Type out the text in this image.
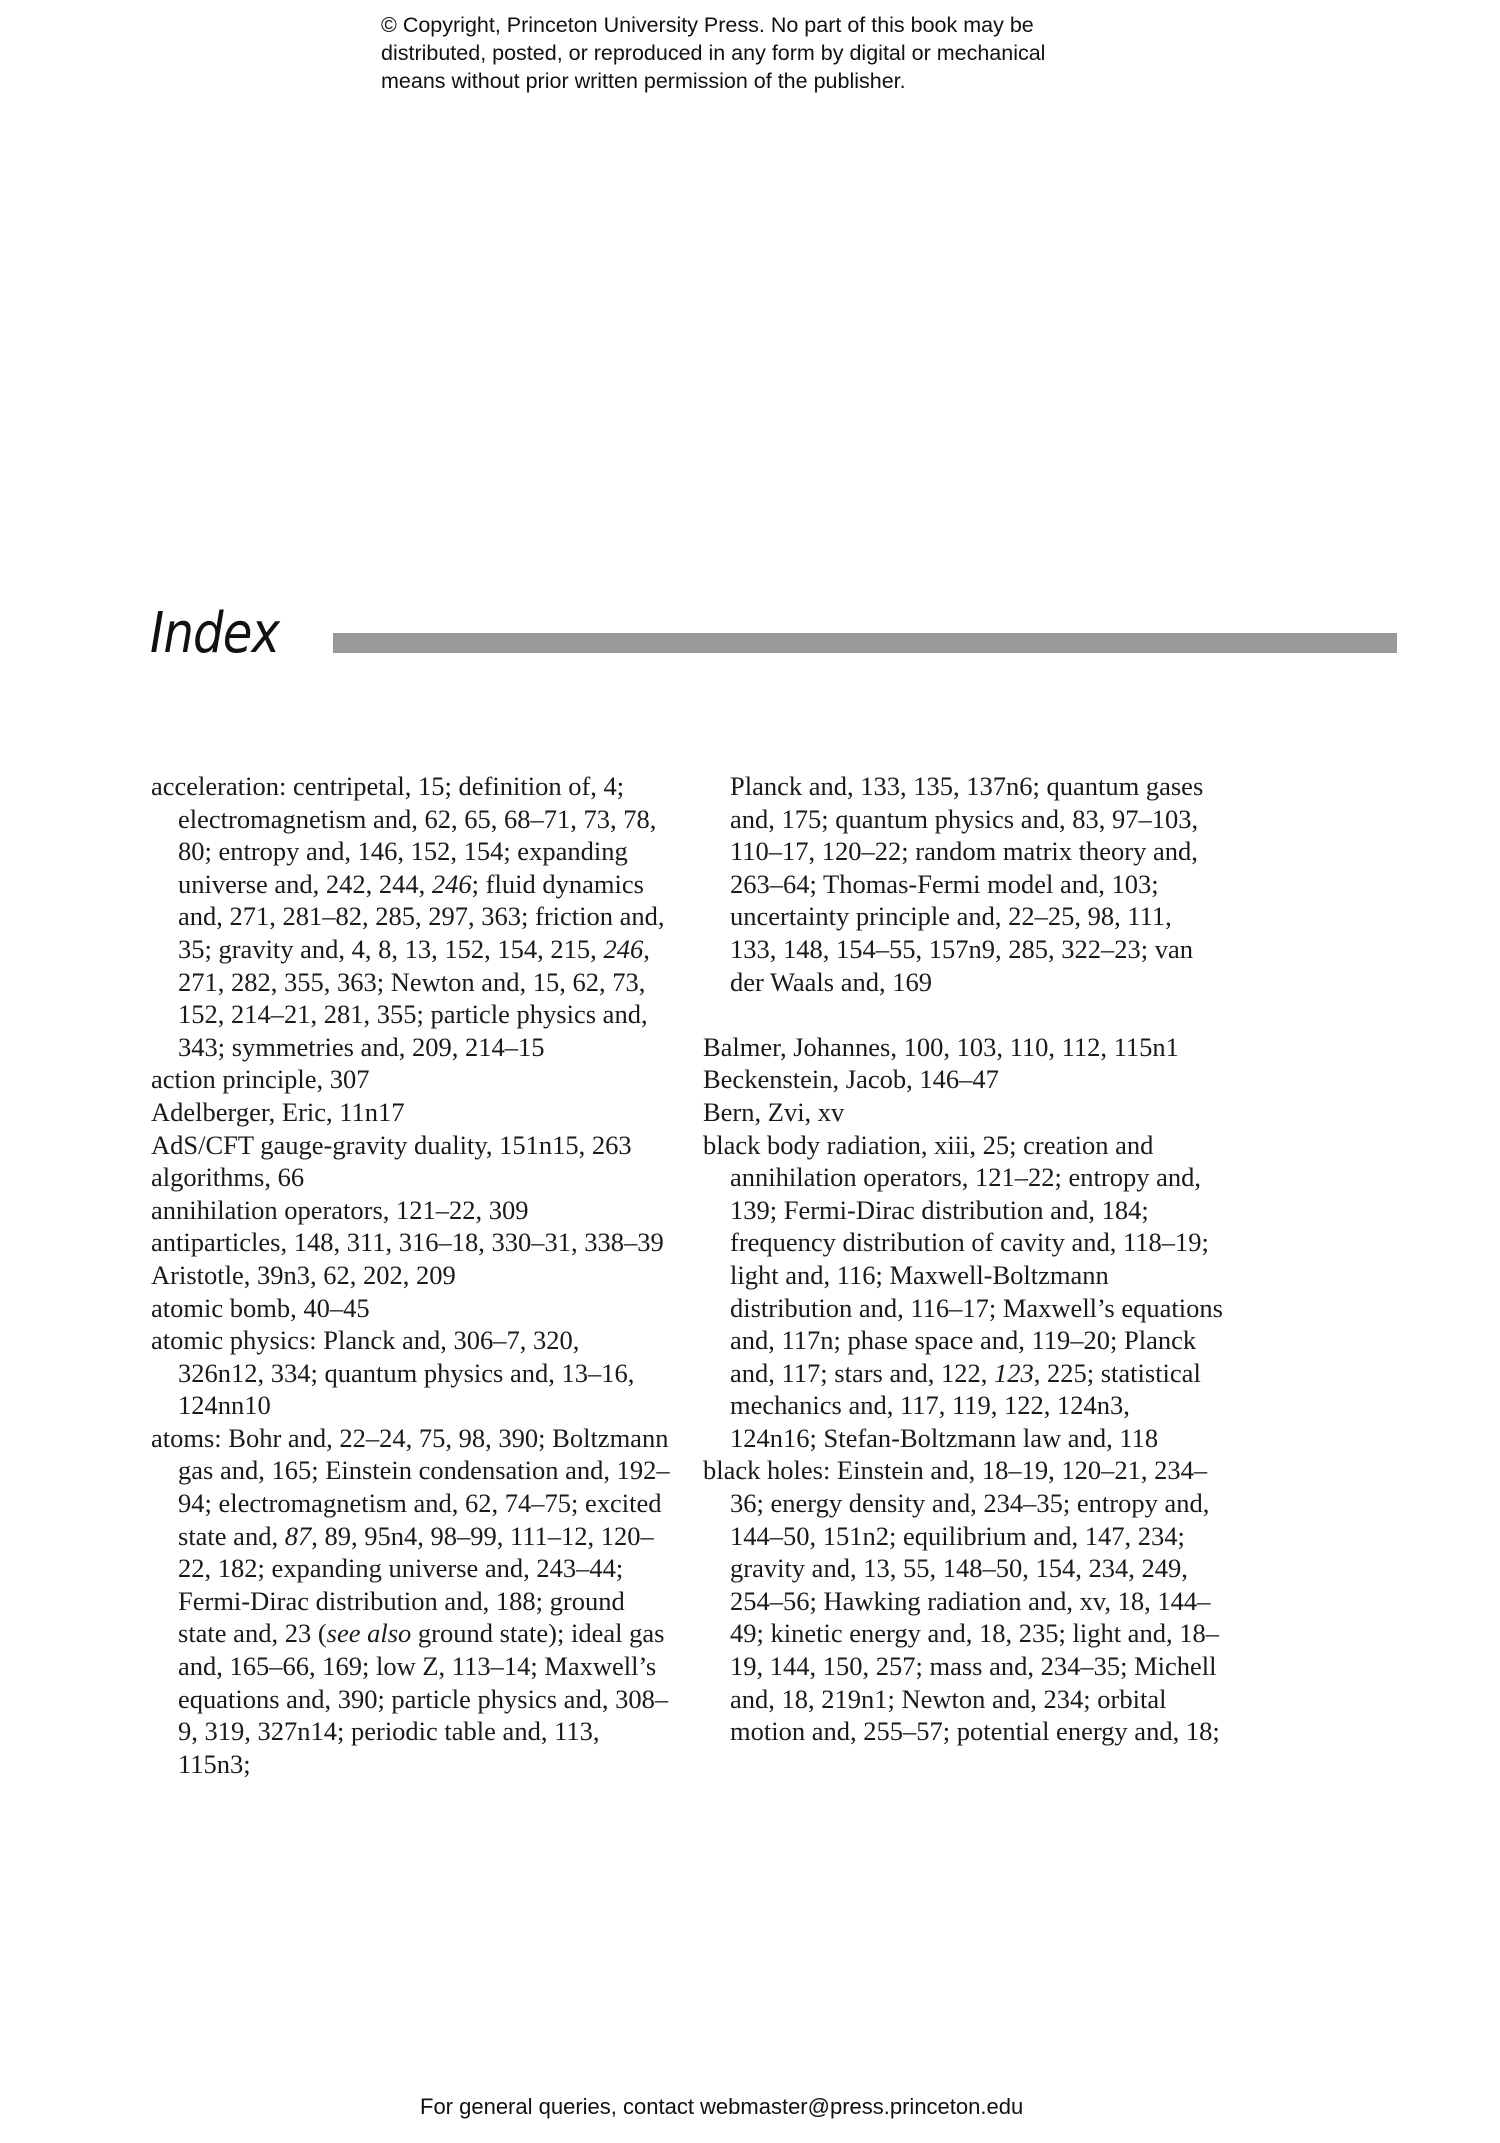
© Copyright, Princeton University Press. No part of this book may be
distributed, posted, or reproduced in any form by digital or mechanical
means without prior written permission of the publisher.
Index

acceleration: centripetal, 15; definition of, 4; electromagnetism and, 62, 65, 68–71, 73, 78, 80; entropy and, 146, 152, 154; expanding universe and, 242, 244, 246; fluid dynamics and, 271, 281–82, 285, 297, 363; friction and, 35; gravity and, 4, 8, 13, 152, 154, 215, 246, 271, 282, 355, 363; Newton and, 15, 62, 73, 152, 214–21, 281, 355; particle physics and, 343; symmetries and, 209, 214–15

action principle, 307

Adelberger, Eric, 11n17

AdS/CFT gauge-gravity duality, 151n15, 263

algorithms, 66

annihilation operators, 121–22, 309

antiparticles, 148, 311, 316–18, 330–31, 338–39

Aristotle, 39n3, 62, 202, 209

atomic bomb, 40–45

atomic physics: Planck and, 306–7, 320, 326n12, 334; quantum physics and, 13–16, 124nn10

atoms: Bohr and, 22–24, 75, 98, 390; Boltzmann gas and, 165; Einstein condensation and, 192–94; electromagnetism and, 62, 74–75; excited state and, 87, 89, 95n4, 98–99, 111–12, 120–22, 182; expanding universe and, 243–44; Fermi-Dirac distribution and, 188; ground state and, 23 (see also ground state); ideal gas and, 165–66, 169; low Z, 113–14; Maxwell’s equations and, 390; particle physics and, 308–9, 319, 327n14; periodic table and, 113, 115n3;

Planck and, 133, 135, 137n6; quantum gases and, 175; quantum physics and, 83, 97–103, 110–17, 120–22; random matrix theory and, 263–64; Thomas-Fermi model and, 103; uncertainty principle and, 22–25, 98, 111, 133, 148, 154–55, 157n9, 285, 322–23; van der Waals and, 169

Balmer, Johannes, 100, 103, 110, 112, 115n1

Beckenstein, Jacob, 146–47

Bern, Zvi, xv

black body radiation, xiii, 25; creation and annihilation operators, 121–22; entropy and, 139; Fermi-Dirac distribution and, 184; frequency distribution of cavity and, 118–19; light and, 116; Maxwell-Boltzmann distribution and, 116–17; Maxwell’s equations and, 117n; phase space and, 119–20; Planck and, 117; stars and, 122, 123, 225; statistical mechanics and, 117, 119, 122, 124n3, 124n16; Stefan-Boltzmann law and, 118

black holes: Einstein and, 18–19, 120–21, 234–36; energy density and, 234–35; entropy and, 144–50, 151n2; equilibrium and, 147, 234; gravity and, 13, 55, 148–50, 154, 234, 249, 254–56; Hawking radiation and, xv, 18, 144–49; kinetic energy and, 18, 235; light and, 18–19, 144, 150, 257; mass and, 234–35; Michell and, 18, 219n1; Newton and, 234; orbital motion and, 255–57; potential energy and, 18;

For general queries, contact webmaster@press.princeton.edu
